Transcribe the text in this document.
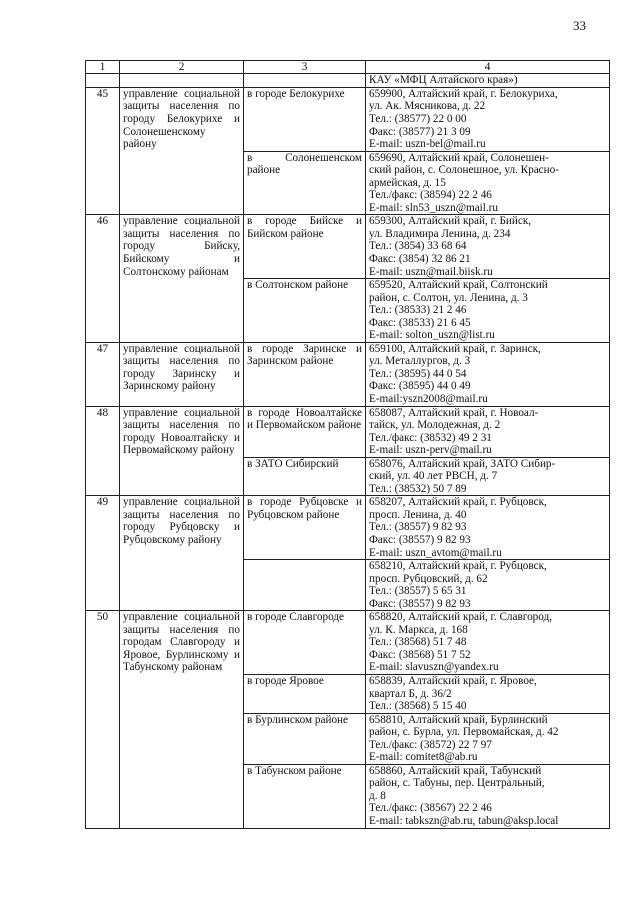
33
1	2	3	4
			КАУ «МФЦ Алтайского края»)
45	управление социальной защиты населения по городу Белокурихе и Солонешенскому району	в городе Белокурихе	659900, Алтайский край, г. Белокуриха,
ул. Ак. Мясникова, д. 22
Тел.: (38577) 22 0 00
Факс: (38577) 21 3 09
E-mail: uszn-bel@mail.ru

		в Солонешенском районе	659690, Алтайский край, Солонешен-
ский район, с. Солонешное, ул. Красно-
армейская, д. 15
Тел./факс: (38594) 22 2 46
E-mail: sln53_uszn@mail.ru

46	управление социальной защиты населения по городу Бийску, Бийскому и Солтонскому районам	в городе Бийске и Бийском районе	659300, Алтайский край, г. Бийск,
ул. Владимира Ленина, д. 234
Тел.: (3854) 33 68 64
Факс: (3854) 32 86 21
E-mail: uszn@mail.biisk.ru

		в Солтонском районе	659520, Алтайский край, Солтонский
район, с. Солтон, ул. Ленина, д. 3
Тел.: (38533) 21 2 46
Факс: (38533) 21 6 45
E-mail: solton_uszn@list.ru

47	управление социальной защиты населения по городу Заринску и Заринскому району	в городе Заринске и Заринском районе	659100, Алтайский край, г. Заринск,
ул. Металлургов, д. 3
Тел.: (38595) 44 0 54
Факс: (38595) 44 0 49
E-mail:yszn2008@mail.ru

48	управление социальной защиты населения по городу Новоалтайску и Первомайскому району	в городе Новоалтайске и Первомайском районе	658087, Алтайский край, г. Новоал-
тайск, ул. Молодежная, д. 2
Тел./факс: (38532) 49 2 31
E-mail: uszn-perv@mail.ru

		в ЗАТО Сибирский	658076, Алтайский край, ЗАТО Сибир-
ский, ул. 40 лет РВСН, д. 7
Тел.: (38532) 50 7 89

49	управление социальной защиты населения по городу Рубцовску и Рубцовскому району	в городе Рубцовске и Рубцовском районе	658207, Алтайский край, г. Рубцовск,
просп. Ленина, д. 40
Тел.: (38557) 9 82 93
Факс: (38557) 9 82 93
E-mail: uszn_avtom@mail.ru

			658210, Алтайский край, г. Рубцовск,
просп. Рубцовский, д. 62
Тел.: (38557) 5 65 31
Факс: (38557) 9 82 93

50	управление социальной защиты населения по городам Славгороду и Яровое, Бурлинскому и Табунскому районам	в городе Славгороде	658820, Алтайский край, г. Славгород,
ул. К. Маркса, д. 168
Тел.: (38568) 51 7 48
Факс: (38568) 51 7 52
E-mail: slavuszn@yandex.ru

		в городе Яровое	658839, Алтайский край, г. Яровое,
квартал Б, д. 36/2
Тел.: (38568) 5 15 40

		в Бурлинском районе	658810, Алтайский край, Бурлинский
район, с. Бурла, ул. Первомайская, д. 42
Тел./факс: (38572) 22 7 97
E-mail: comitet8@ab.ru

		в Табунском районе	658860, Алтайский край, Табунский
район, с. Табуны, пер. Центральный,
д. 8
Тел./факс: (38567) 22 2 46
E-mail: tabkszn@ab.ru, tabun@aksp.local
